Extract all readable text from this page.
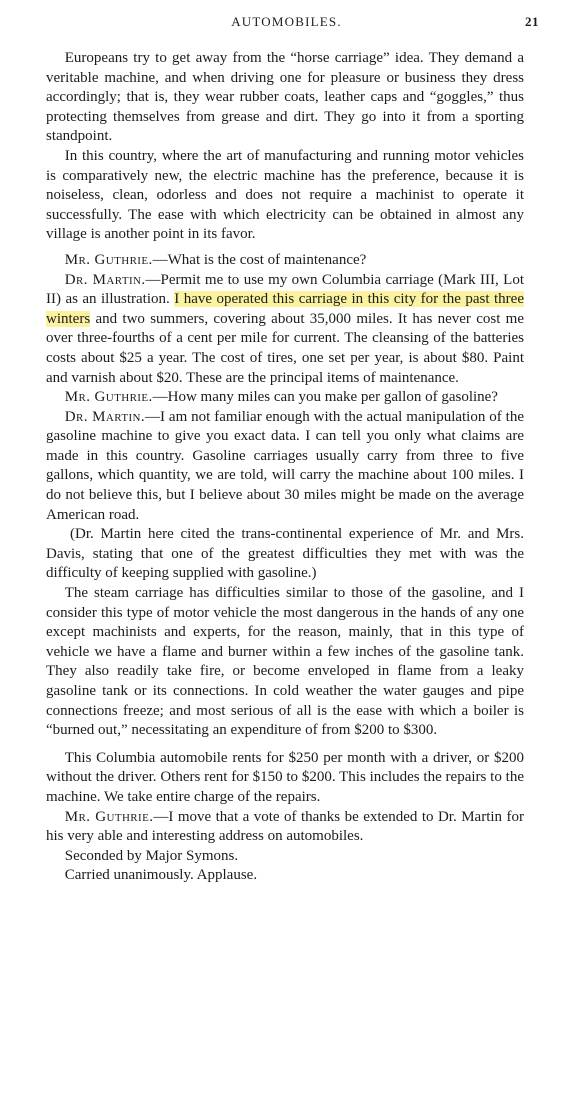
AUTOMOBILES.	21

Europeans try to get away from the “horse carriage” idea. They demand a veritable machine, and when driving one for pleasure or business they dress accordingly; that is, they wear rubber coats, leather caps and “goggles,” thus protecting themselves from grease and dirt. They go into it from a sporting standpoint.

In this country, where the art of manufacturing and running motor vehicles is comparatively new, the electric machine has the preference, because it is noiseless, clean, odorless and does not require a machinist to operate it successfully. The ease with which electricity can be obtained in almost any village is another point in its favor.

Mr. Guthrie.—What is the cost of maintenance?

Dr. Martin.—Permit me to use my own Columbia carriage (Mark III, Lot II) as an illustration. I have operated this carriage in this city for the past three winters and two summers, covering about 35,000 miles. It has never cost me over three-fourths of a cent per mile for current. The cleansing of the batteries costs about $25 a year. The cost of tires, one set per year, is about $80. Paint and varnish about $20. These are the principal items of maintenance.

Mr. Guthrie.—How many miles can you make per gallon of gasoline?

Dr. Martin.—I am not familiar enough with the actual manipulation of the gasoline machine to give you exact data. I can tell you only what claims are made in this country. Gasoline carriages usually carry from three to five gallons, which quantity, we are told, will carry the machine about 100 miles. I do not believe this, but I believe about 30 miles might be made on the average American road.

(Dr. Martin here cited the trans-continental experience of Mr. and Mrs. Davis, stating that one of the greatest difficulties they met with was the difficulty of keeping supplied with gasoline.)

The steam carriage has difficulties similar to those of the gasoline, and I consider this type of motor vehicle the most dangerous in the hands of any one except machinists and experts, for the reason, mainly, that in this type of vehicle we have a flame and burner within a few inches of the gasoline tank. They also readily take fire, or become enveloped in flame from a leaky gasoline tank or its connections. In cold weather the water gauges and pipe connections freeze; and most serious of all is the ease with which a boiler is “burned out,” necessitating an expenditure of from $200 to $300.

This Columbia automobile rents for $250 per month with a driver, or $200 without the driver. Others rent for $150 to $200. This includes the repairs to the machine. We take entire charge of the repairs.

Mr. Guthrie.—I move that a vote of thanks be extended to Dr. Martin for his very able and interesting address on automobiles.

Seconded by Major Symons.

Carried unanimously. Applause.
